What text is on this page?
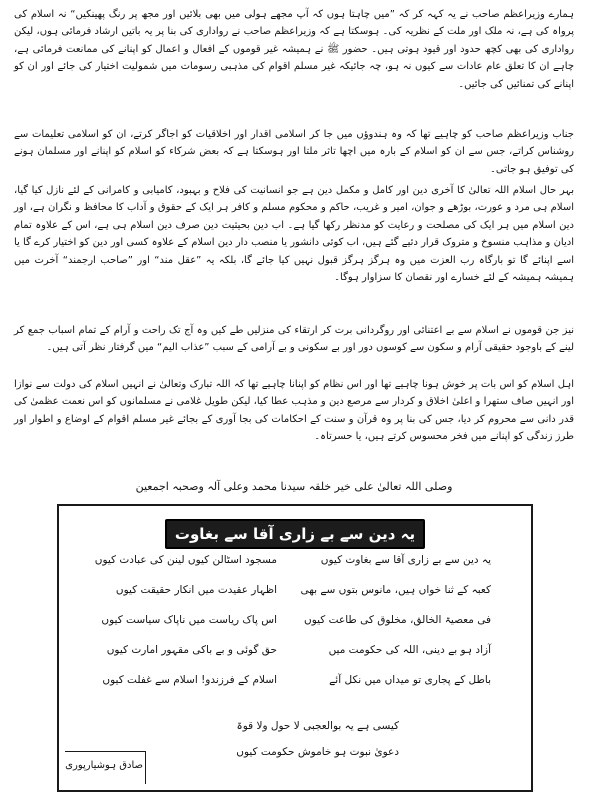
ہمارے وزیراعظم صاحب نے یہ کہہ کر کہ ”میں چاہتا ہوں کہ آپ مجھے ہولی میں بھی بلائیں اور مجھ پر رنگ پھینکیں“ نہ اسلام کی پرواہ کی ہے، نہ ملک اور ملت کے نظریہ کی۔ ہوسکتا ہے کہ وزیراعظم صاحب نے رواداری کی بنا پر یہ باتیں ارشاد فرمائی ہوں، لیکن رواداری کی بھی کچھ حدود اور قیود ہوتی ہیں۔ حضور ﷺ نے ہمیشہ غیر قوموں کے افعال و اعمال کو اپنانے کی ممانعت فرمائی ہے، چاہے ان کا تعلق عام عادات سے کیوں نہ ہو، چہ جائیکہ غیر مسلم اقوام کی مذہبی رسومات میں شمولیت اختیار کی جائے اور ان کو اپنانے کی تمنائیں کی جائیں۔

جناب وزیراعظم صاحب کو چاہیے تھا کہ وہ ہندوؤں میں جا کر اسلامی اقدار اور اخلاقیات کو اجاگر کرتے، ان کو اسلامی تعلیمات سے روشناس کراتے، جس سے ان کو اسلام کے بارہ میں اچھا تاثر ملتا اور ہوسکتا ہے کہ بعض شرکاء کو اسلام کو اپنانے اور مسلمان ہونے کی توفیق ہو جاتی۔

بہر حال اسلام اللہ تعالیٰ کا آخری دین اور کامل و مکمل دین ہے جو انسانیت کی فلاح و بہبود، کامیابی و کامرانی کے لئے نازل کیا گیا، اسلام ہی مرد و عورت، بوڑھے و جوان، امیر و غریب، حاکم و محکوم مسلم و کافر ہر ایک کے حقوق و آداب کا محافظ و نگران ہے، اور دین اسلام میں ہر ایک کی مصلحت و رعایت کو مدنظر رکھا گیا ہے۔ اب دین بحیثیت دین صرف دین اسلام ہی ہے، اس کے علاوہ تمام ادیان و مذاہب منسوخ و متروک قرار دئیے گئے ہیں، اب کوئی دانشور یا منصب دار دین اسلام کے علاوہ کسی اور دین کو اختیار کرے گا یا اسے اپنائے گا تو بارگاہ رب العزت میں وہ ہرگز ہرگز قبول نہیں کیا جائے گا، بلکہ یہ ”عقل مند“ اور ”صاحب ارجمند“ آخرت میں ہمیشہ ہمیشہ کے لئے خسارے اور نقصان کا سزاوار ہوگا۔

نیز جن قوموں نے اسلام سے بے اعتنائی اور روگردانی برت کر ارتقاء کی منزلیں طے کیں وہ آج تک راحت و آرام کے تمام اسباب جمع کر لینے کے باوجود حقیقی آرام و سکون سے کوسوں دور اور بے سکونی و بے آرامی کے سبب ”عذاب الیم“ میں گرفتار نظر آتی ہیں۔

اہل اسلام کو اس بات پر خوش ہونا چاہیے تھا اور اس نظام کو اپنانا چاہیے تھا کہ اللہ تبارک وتعالیٰ نے انہیں اسلام کی دولت سے نوازا اور انہیں صاف ستھرا و اعلیٰ اخلاق و کردار سے مرصع دین و مذہب عطا کیا، لیکن طویل غلامی نے مسلمانوں کو اس نعمت عظمیٰ کی قدر دانی سے محروم کر دیا، جس کی بنا پر وہ قرآن و سنت کے احکامات کی بجا آوری کے بجائے غیر مسلم اقوام کے اوضاع و اطوار اور طرز زندگی کو اپنانے میں فخر محسوس کرتے ہیں، یا حسرتاہ۔

وصلی اللہ تعالیٰ علی خیر خلقہ سیدنا محمد وعلی آلہ وصحبہ اجمعین
یہ دین سے بے زاری آقا سے بغاوت کیوں؟ یہ دین سے بے زاری آقا سے بغاوت کیوں
کعبہ کے ثنا خواں ہیں، مانوس بتوں سے بھی
فی معصیۃ الخالق، مخلوق کی طاعت کیوں
آزاد ہو بے دینی، اللہ کی حکومت میں
باطل کے پجاری تو میداں میں نکل آئے
مسجود اسٹالن کیوں لینن کی عبادت کیوں
اظہار عقیدت میں انکار حقیقت کیوں
اس پاک ریاست میں ناپاک سیاست کیوں
حق گوئی و بے باکی مقہور امارت کیوں
اسلام کے فرزندو! اسلام سے غفلت کیوں
کیسی ہے یہ بوالعجبی لا حول ولا قوۃ
دعویٰ نبوت ہو خاموش حکومت کیوں
صادق ہوشیارپوری
